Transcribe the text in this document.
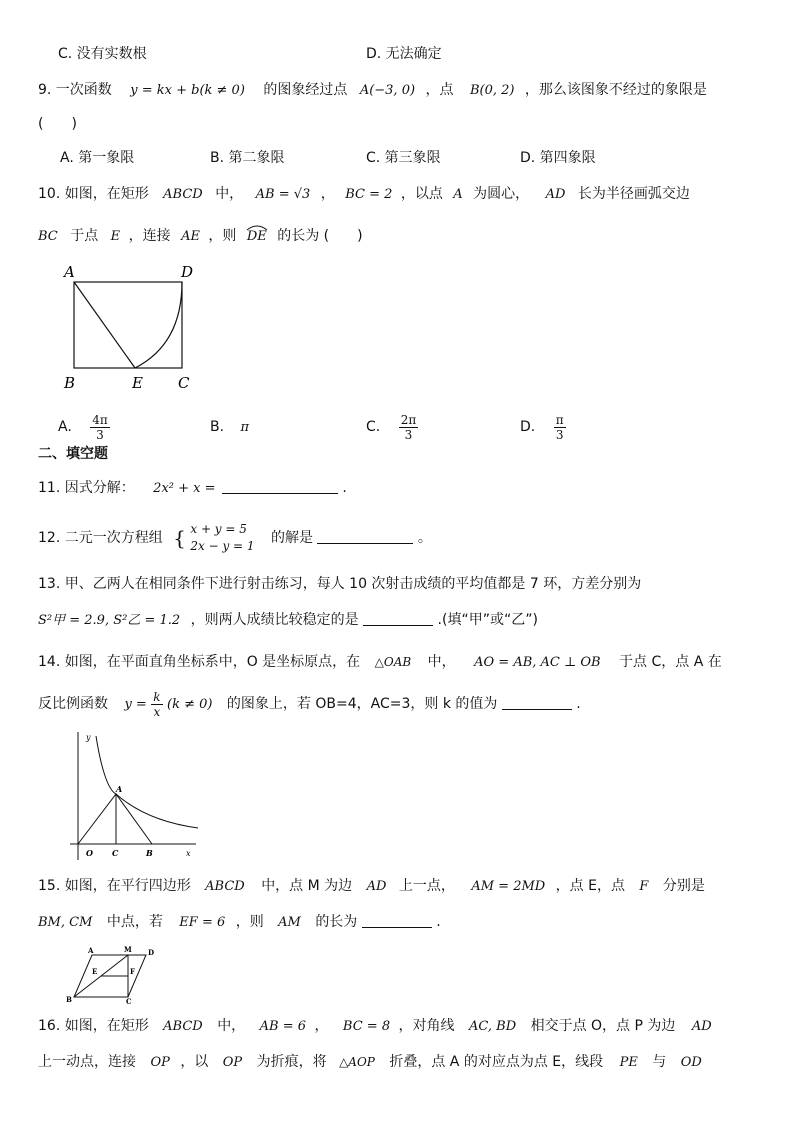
C. 没有实数根	D. 无法确定
9. 一次函数 y = kx + b(k ≠ 0) 的图象经过点 A(−3, 0) ，点 B(0, 2) ，那么该图象不经过的象限是
(　　)
A. 第一象限	B. 第二象限	C. 第三象限	D. 第四象限
10. 如图，在矩形 ABCD 中， AB = √3 ， BC = 2 ，以点 A 为圆心， AD 长为半径画弧交边
BC 于点 E ，连接 AE ，则 DE 的长为 (　　)
A	D
B	E C
A. $\frac{4\pi}{3}$	B. π	C. $\frac{2\pi}{3}$	D. $\frac{\pi}{3}$
二、填空题
11. 因式分解： 2x² + x =	.
12. 二元一次方程组 { x + y = 5
2x − y = 1 的解是	。
13. 甲、乙两人在相同条件下进行射击练习，每人 10 次射击成绩的平均值都是 7 环，方差分别为
S²甲 = 2.9, S²乙 = 1.2 ，则两人成绩比较稳定的是	.(填“甲”或“乙”)
14. 如图，在平面直角坐标系中，O 是坐标原点，在 △OAB 中， AO = AB, AC ⊥ OB 于点 C，点 A 在
反比例函数 $y = \frac{k}{x} (k \ne 0)$ 的图象上，若 OB=4，AC=3，则 k 的值为	.
y
x
O
A
C	B
15. 如图，在平行四边形 ABCD 中，点 M 为边 AD 上一点， AM = 2MD ，点 E，点 F 分别是
BM, CM 中点，若 EF = 6 ，则 AM 的长为	.
A	M D
E	F
B	C
16. 如图，在矩形 ABCD 中， AB = 6 ， BC = 8 ，对角线 AC, BD 相交于点 O，点 P 为边 AD
上一动点，连接 OP ，以 OP 为折痕，将 △AOP 折叠，点 A 的对应点为点 E，线段 PE 与 OD
